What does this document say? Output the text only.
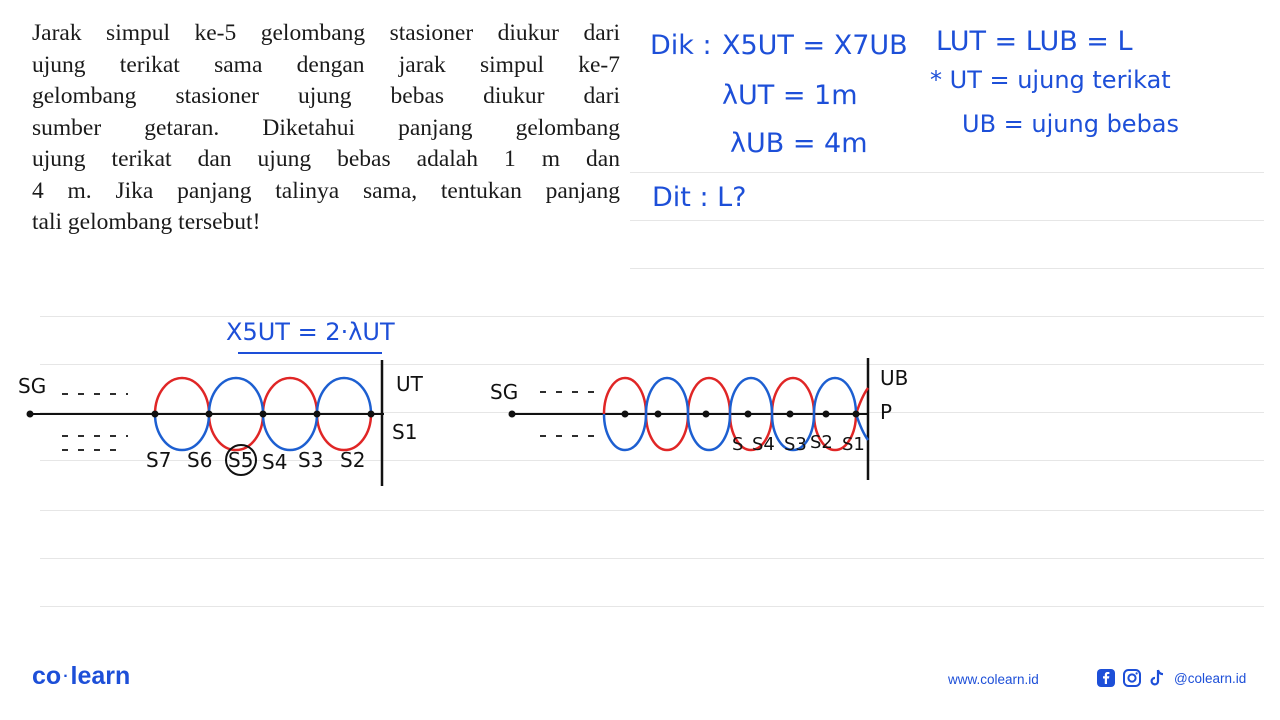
Jarak simpul ke-5 gelombang stasioner diukur dari
ujung terikat sama dengan jarak simpul ke-7
gelombang stasioner ujung bebas diukur dari
sumber getaran. Diketahui panjang gelombang
ujung terikat dan ujung bebas adalah 1 m dan
4 m. Jika panjang talinya sama, tentukan panjang
tali gelombang tersebut!
Dik : X5UT = X7UB
λUT = 1m
λUB = 4m
Dit : L?
LUT = LUB = L
* UT = ujung terikat
UB = ujung bebas
X5UT = 2·λUT
SG	UT
S1
S7 S6 S5 S4 S3 S2
SG
UB
P
S S4 S3 S2 S1
co ·learn	www.colearn.id	@colearn.id
